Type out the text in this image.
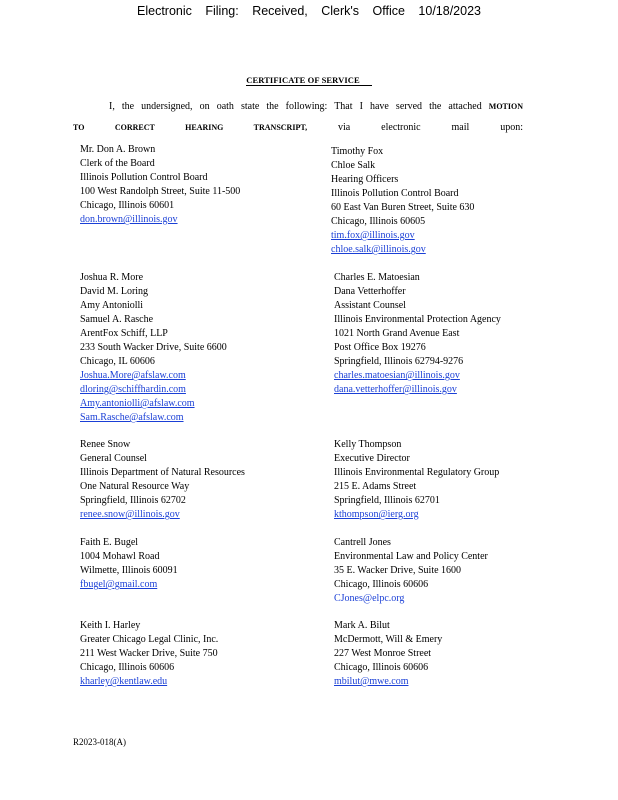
Electronic Filing: Received, Clerk's Office 10/18/2023
CERTIFICATE OF SERVICE
I, the undersigned, on oath state the following: That I have served the attached MOTION
TO CORRECT HEARING TRANSCRIPT,	via electronic mail upon:
Mr. Don A. Brown
Clerk of the Board
Illinois Pollution Control Board
100 West Randolph Street, Suite 11-500
Chicago, Illinois 60601
don.brown@illinois.gov
Timothy Fox
Chloe Salk
Hearing Officers
Illinois Pollution Control Board
60 East Van Buren Street, Suite 630
Chicago, Illinois 60605
tim.fox@illinois.gov
chloe.salk@illinois.gov
Joshua R. More
David M. Loring
Amy Antoniolli
Samuel A. Rasche
ArentFox Schiff, LLP
233 South Wacker Drive, Suite 6600
Chicago, IL 60606
Joshua.More@afslaw.com
dloring@schiffhardin.com
Amy.antoniolli@afslaw.com
Sam.Rasche@afslaw.com
Charles E. Matoesian
Dana Vetterhoffer
Assistant Counsel
Illinois Environmental Protection Agency
1021 North Grand Avenue East
Post Office Box 19276
Springfield, Illinois 62794-9276
charles.matoesian@illinois.gov
dana.vetterhoffer@illinois.gov
Renee Snow
General Counsel
Illinois Department of Natural Resources
One Natural Resource Way
Springfield, Illinois 62702
renee.snow@illinois.gov
Kelly Thompson
Executive Director
Illinois Environmental Regulatory Group
215 E. Adams Street
Springfield, Illinois 62701
kthompson@ierg.org
Faith E. Bugel
1004 Mohawl Road
Wilmette, Illinois 60091
fbugel@gmail.com
Cantrell Jones
Environmental Law and Policy Center
35 E. Wacker Drive, Suite 1600
Chicago, Illinois 60606
CJones@elpc.org
Keith I. Harley
Greater Chicago Legal Clinic, Inc.
211 West Wacker Drive, Suite 750
Chicago, Illinois 60606
kharley@kentlaw.edu
Mark A. Bilut
McDermott, Will & Emery
227 West Monroe Street
Chicago, Illinois 60606
mbilut@mwe.com
R2023-018(A)
